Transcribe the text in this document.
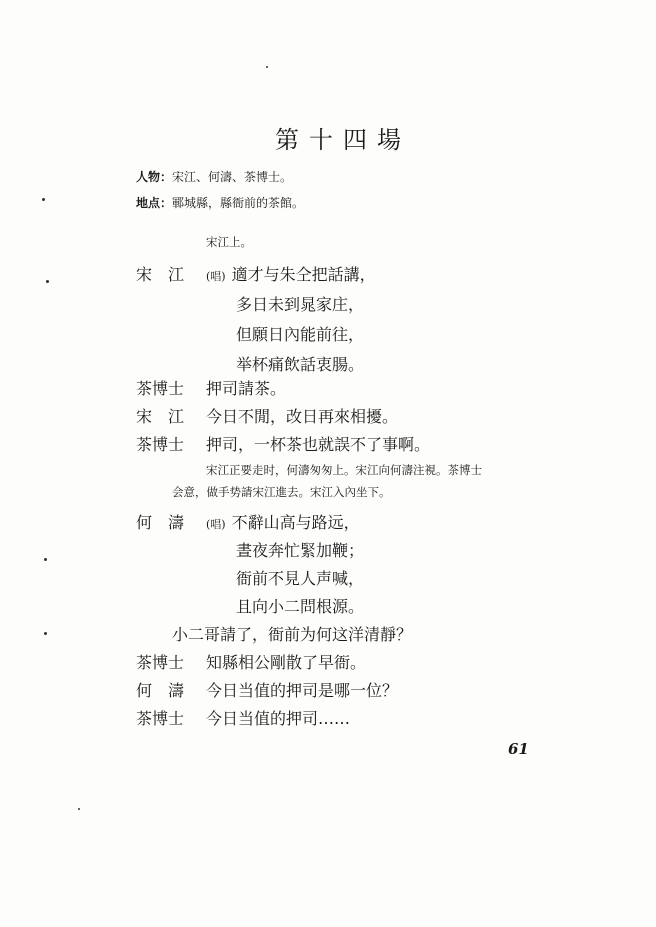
第十四場
人物：宋江、何濤、茶博士。
地点：鄆城縣，縣衙前的茶館。
宋江上。
宋　江 (唱) 適才与朱仝把話講，
多日未到晁家庄，
但願日內能前往，
举杯痛飲話衷腸。
茶博士 押司請茶。
宋　江 今日不閒，改日再來相擾。
茶博士 押司，一杯茶也就誤不了事啊。
宋江正要走时，何濤匆匆上。宋江向何濤注視。茶博士
会意，做手势請宋江進去。宋江入內坐下。
何　濤 (唱) 不辭山高与路远，
晝夜奔忙緊加鞭；
衙前不見人声喊，
且向小二問根源。
小二哥請了，衙前为何这洋清靜？
茶博士 知縣相公剛散了早衙。
何　濤 今日当值的押司是哪一位？
茶博士 今日当值的押司……
61
